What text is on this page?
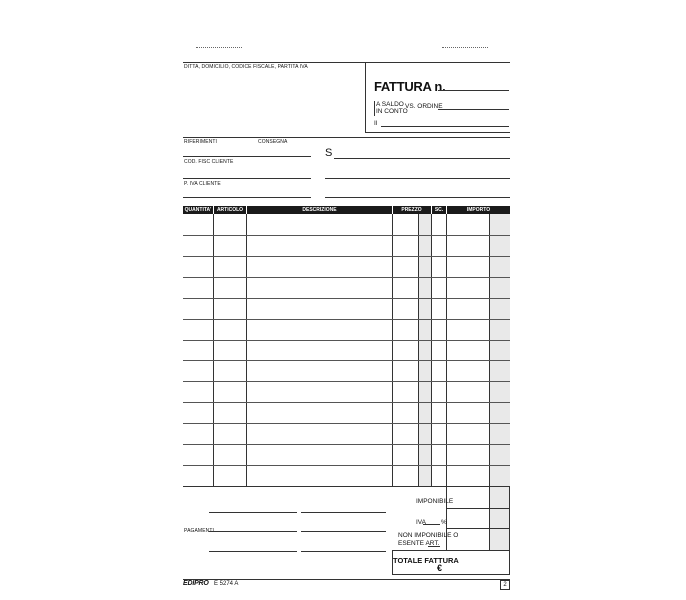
DITTA, DOMICILIO, CODICE FISCALE, PARTITA IVA
FATTURA n.
A SALDO
IN CONTO
VS. ORDINE
Il
RIFERIMENTI	CONSEGNA
COD. FISC CLIENTE
P. IVA CLIENTE
S
QUANTITA'	ARTICOLO	DESCRIZIONE	PREZZO	SC.	IMPORTO
IMPONIBILE
IVA %
NON IMPONIBILE O
ESENTE ART.
TOTALE FATTURA
€
PAGAMENTI
EDIPRO E 5274 A	2
